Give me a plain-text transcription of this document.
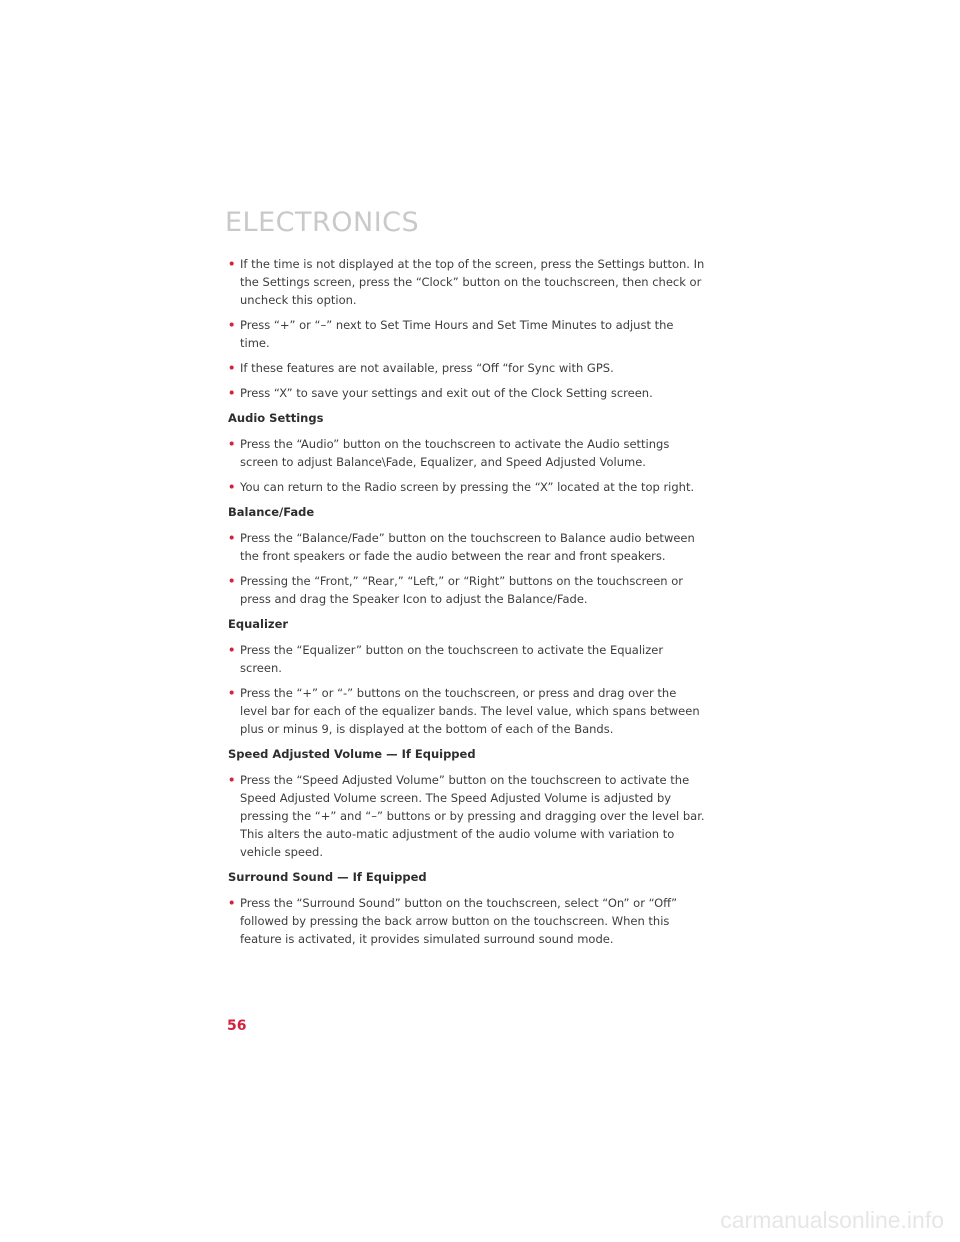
ELECTRONICS

• If the time is not displayed at the top of the screen, press the Settings button. In the Settings screen, press the “Clock” button on the touchscreen, then check or uncheck this option.

• Press “+” or “–” next to Set Time Hours and Set Time Minutes to adjust the time.

• If these features are not available, press “Off “for Sync with GPS.

• Press “X” to save your settings and exit out of the Clock Setting screen.

Audio Settings

• Press the “Audio” button on the touchscreen to activate the Audio settings screen to adjust Balance\Fade, Equalizer, and Speed Adjusted Volume.

• You can return to the Radio screen by pressing the “X” located at the top right.

Balance/Fade

• Press the “Balance/Fade” button on the touchscreen to Balance audio between the front speakers or fade the audio between the rear and front speakers.

• Pressing the “Front,” “Rear,” “Left,” or “Right” buttons on the touchscreen or press and drag the Speaker Icon to adjust the Balance/Fade.

Equalizer

• Press the “Equalizer” button on the touchscreen to activate the Equalizer screen.

• Press the “+” or “-” buttons on the touchscreen, or press and drag over the level bar for each of the equalizer bands. The level value, which spans between plus or minus 9, is displayed at the bottom of each of the Bands.

Speed Adjusted Volume — If Equipped

• Press the “Speed Adjusted Volume” button on the touchscreen to activate the Speed Adjusted Volume screen. The Speed Adjusted Volume is adjusted by pressing the “+” and “–” buttons or by pressing and dragging over the level bar. This alters the auto-matic adjustment of the audio volume with variation to vehicle speed.

Surround Sound — If Equipped

• Press the “Surround Sound” button on the touchscreen, select “On” or “Off” followed by pressing the back arrow button on the touchscreen. When this feature is activated, it provides simulated surround sound mode.

56

carmanualsonline.info
